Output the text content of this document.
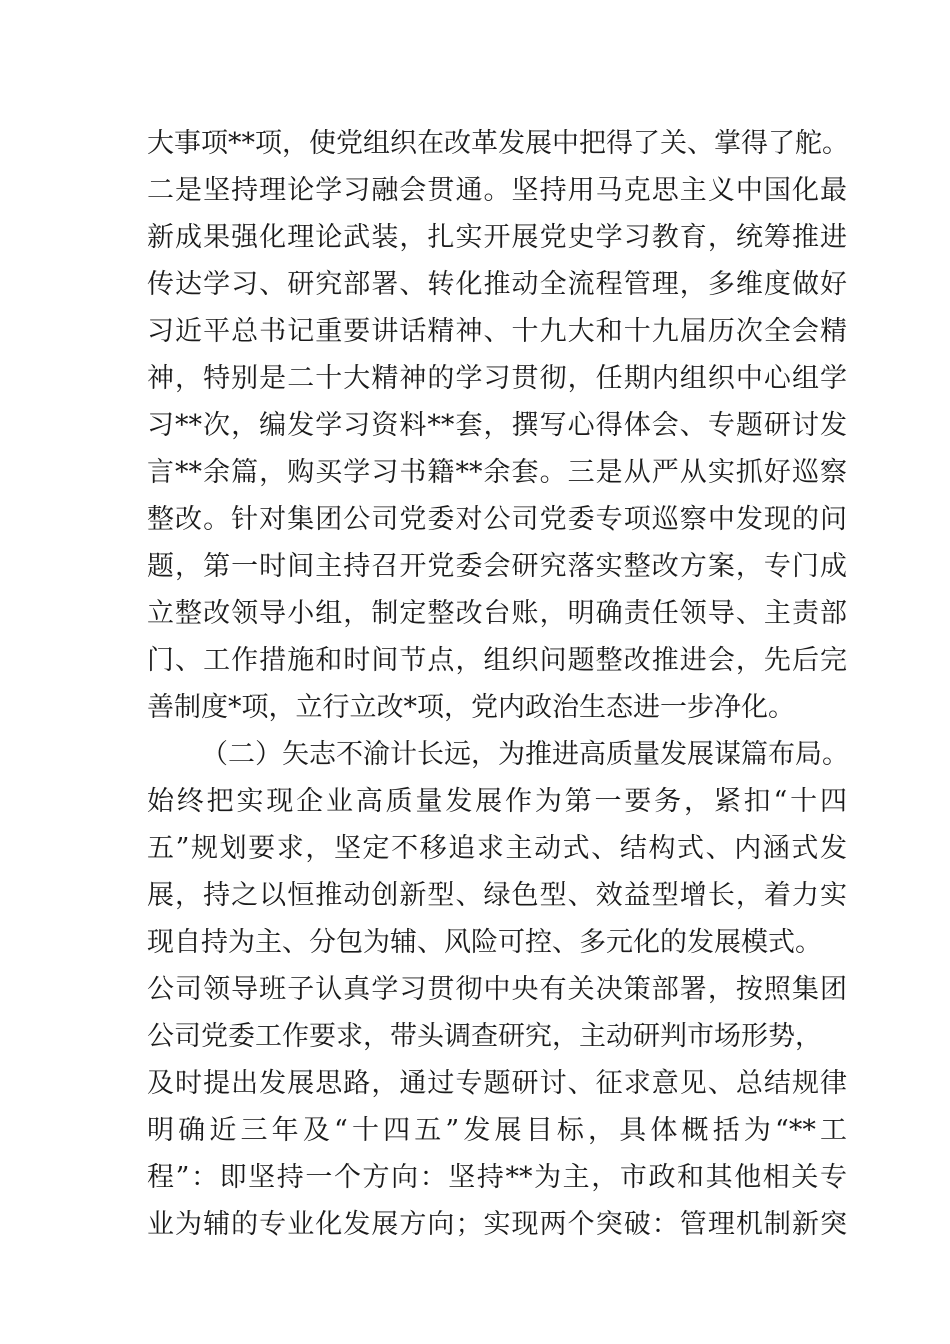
大事项**项，使党组织在改革发展中把得了关、掌得了舵。
二是坚持理论学习融会贯通。坚持用马克思主义中国化最
新成果强化理论武装，扎实开展党史学习教育，统筹推进
传达学习、研究部署、转化推动全流程管理，多维度做好
习近平总书记重要讲话精神、十九大和十九届历次全会精
神，特别是二十大精神的学习贯彻，任期内组织中心组学
习**次，编发学习资料**套，撰写心得体会、专题研讨发
言**余篇，购买学习书籍**余套。三是从严从实抓好巡察
整改。针对集团公司党委对公司党委专项巡察中发现的问
题，第一时间主持召开党委会研究落实整改方案，专门成
立整改领导小组，制定整改台账，明确责任领导、主责部
门、工作措施和时间节点，组织问题整改推进会，先后完
善制度*项，立行立改*项，党内政治生态进一步净化。
（二）矢志不渝计长远，为推进高质量发展谋篇布局。
始终把实现企业高质量发展作为第一要务，紧扣“十四
五”规划要求，坚定不移追求主动式、结构式、内涵式发
展，持之以恒推动创新型、绿色型、效益型增长，着力实
现自持为主、分包为辅、风险可控、多元化的发展模式。
公司领导班子认真学习贯彻中央有关决策部署，按照集团
公司党委工作要求，带头调查研究，主动研判市场形势，
及时提出发展思路，通过专题研讨、征求意见、总结规律
明确近三年及“十四五”发展目标，具体概括为“**工
程”：即坚持一个方向：坚持**为主，市政和其他相关专
业为辅的专业化发展方向；实现两个突破：管理机制新突
